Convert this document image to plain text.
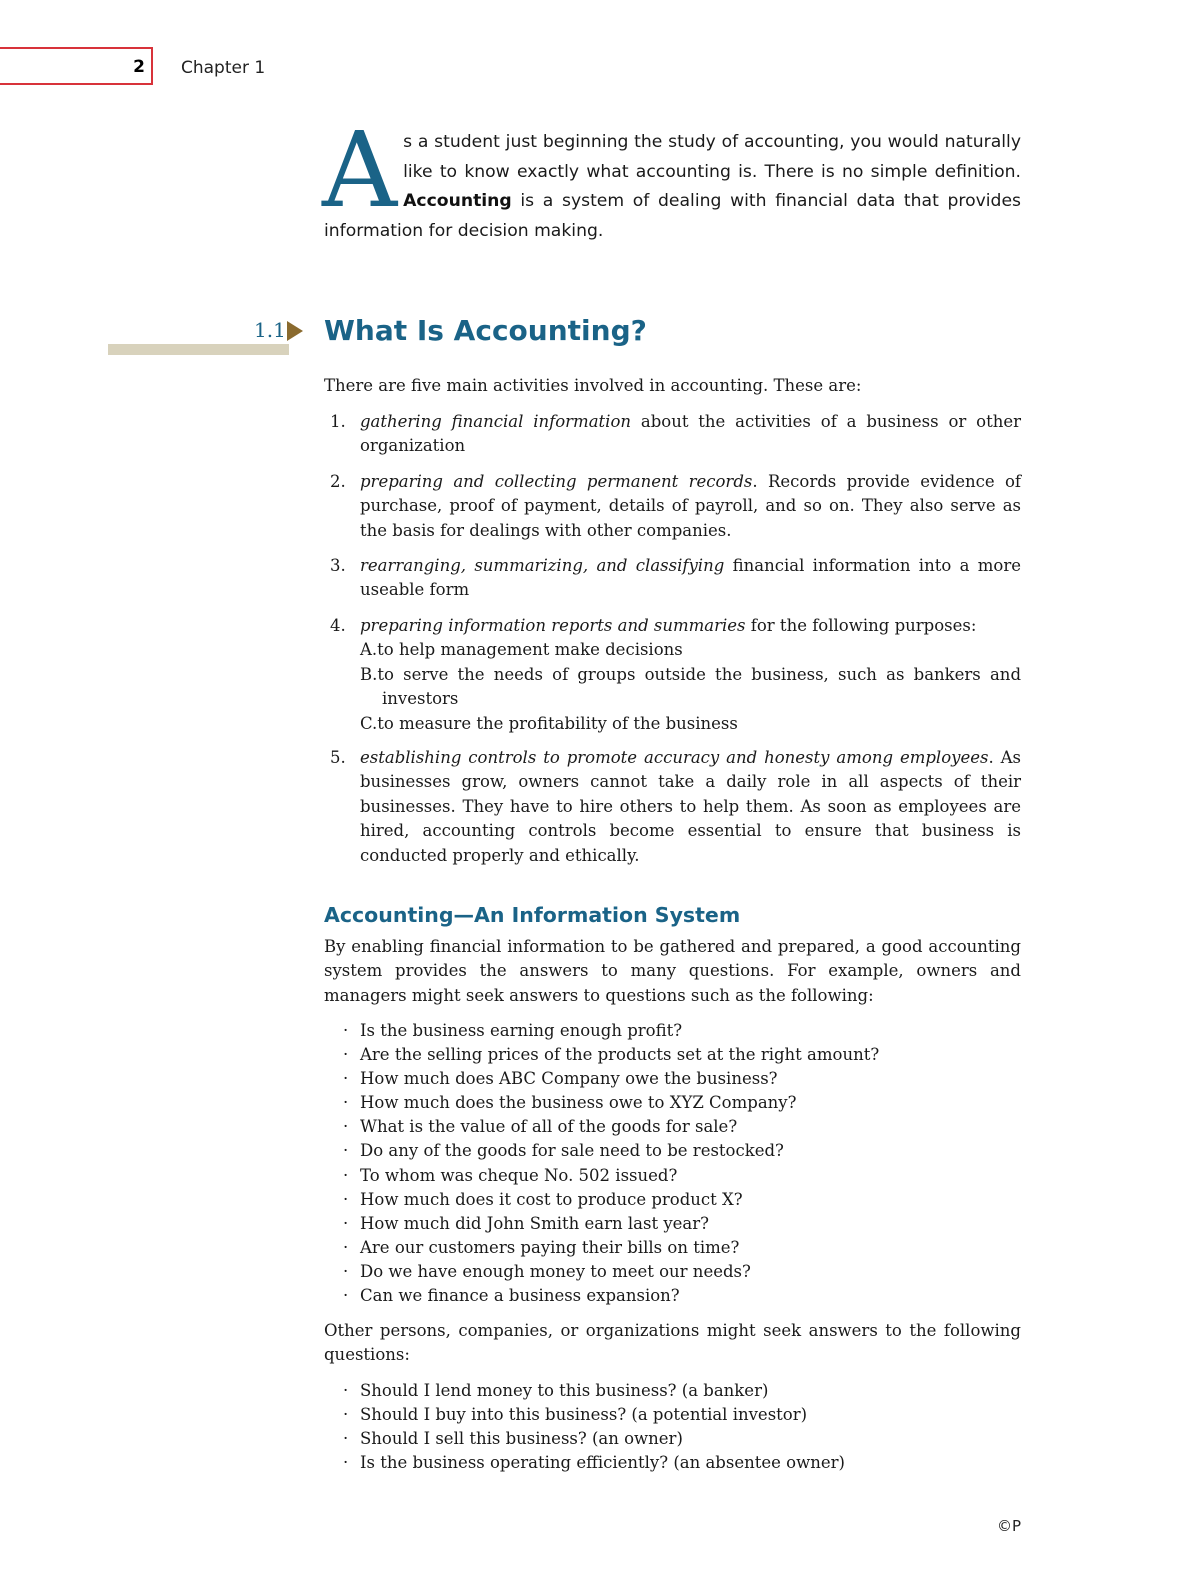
2 Chapter 1
As a student just beginning the study of accounting, you would naturally like to know exactly what accounting is. There is no simple definition. Accounting is a system of dealing with financial data that provides information for decision making.
1.1 What Is Accounting?

There are five main activities involved in accounting. These are:

1. gathering financial information about the activities of a business or other organization
2. preparing and collecting permanent records. Records provide evidence of purchase, proof of payment, details of payroll, and so on. They also serve as the basis for dealings with other companies.
3. rearranging, summarizing, and classifying financial information into a more useable form
4. preparing information reports and summaries for the following purposes:
A.to help management make decisions
B.to serve the needs of groups outside the business, such as bankers and investors
C.to measure the profitability of the business
5. establishing controls to promote accuracy and honesty among employees. As businesses grow, owners cannot take a daily role in all aspects of their businesses. They have to hire others to help them. As soon as employees are hired, accounting controls become essential to ensure that business is conducted properly and ethically.
Accounting—An Information System

By enabling financial information to be gathered and prepared, a good accounting system provides the answers to many questions. For example, owners and managers might seek answers to questions such as the following:

· Is the business earning enough profit?
· Are the selling prices of the products set at the right amount?
· How much does ABC Company owe the business?
· How much does the business owe to XYZ Company?
· What is the value of all of the goods for sale?
· Do any of the goods for sale need to be restocked?
· To whom was cheque No. 502 issued?
· How much does it cost to produce product X?
· How much did John Smith earn last year?
· Are our customers paying their bills on time?
· Do we have enough money to meet our needs?
· Can we finance a business expansion?

Other persons, companies, or organizations might seek answers to the following questions:

· Should I lend money to this business? (a banker)
· Should I buy into this business? (a potential investor)
· Should I sell this business? (an owner)
· Is the business operating efficiently? (an absentee owner)
©P
